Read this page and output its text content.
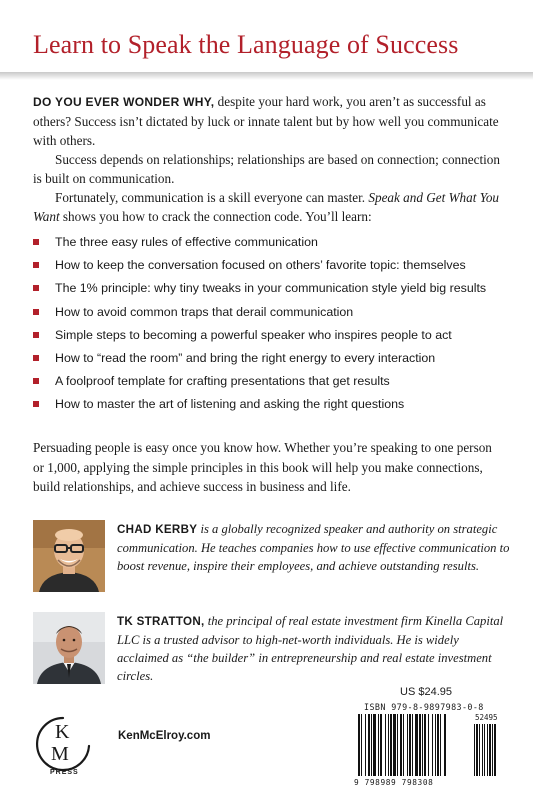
Learn to Speak the Language of Success

DO YOU EVER WONDER WHY, despite your hard work, you aren’t as successful as others? Success isn’t dictated by luck or innate talent but by how well you communicate with others.

Success depends on relationships; relationships are based on connection; connection is built on communication.

Fortunately, communication is a skill everyone can master. Speak and Get What You Want shows you how to crack the connection code. You’ll learn:

The three easy rules of effective communication
How to keep the conversation focused on others’ favorite topic: themselves
The 1% principle: why tiny tweaks in your communication style yield big results
How to avoid common traps that derail communication
Simple steps to becoming a powerful speaker who inspires people to act
How to “read the room” and bring the right energy to every interaction
A foolproof template for crafting presentations that get results
How to master the art of listening and asking the right questions
Persuading people is easy once you know how. Whether you’re speaking to one person or 1,000, applying the simple principles in this book will help you make connections, build relationships, and achieve success in business and life.
CHAD KERBY is a globally recognized speaker and authority on strategic communication. He teaches companies how to use effective communication to boost revenue, inspire their employees, and achieve outstanding results.
TK STRATTON, the principal of real estate investment firm Kinella Capital LLC is a trusted advisor to high-net-worth individuals. He is widely acclaimed as “the builder” in entrepreneurship and real estate investment circles.
K
M
PRESS
KenMcElroy.com
US $24.95
ISBN 979-8-9897983-0-8
52495
9 798989 798308
